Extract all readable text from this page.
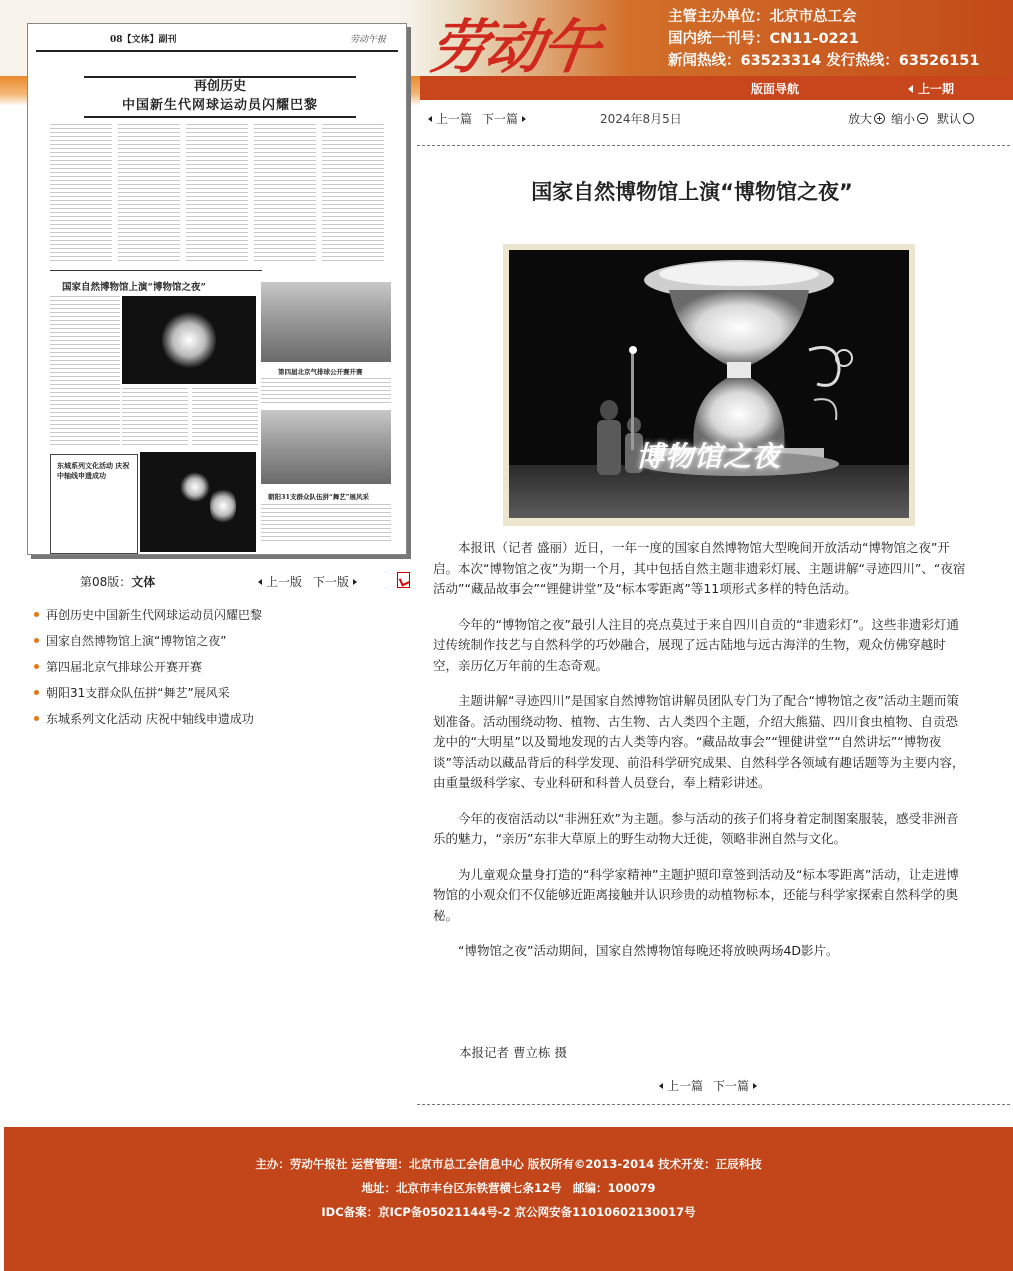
劳动午报
主管主办单位：北京市总工会
国内统一刊号：CN11-0221
新闻热线：63523314 发行热线：63526151
版面导航	上一期
08【文体】副刊	劳动午报
再创历史
中国新生代网球运动员闪耀巴黎
国家自然博物馆上演“博物馆之夜”
第四届北京气排球公开赛开赛
朝阳31支群众队伍拼“舞艺”展风采
东城系列文化活动 庆祝中轴线申遗成功
第08版：文体	上一版 下一版
再创历史中国新生代网球运动员闪耀巴黎
国家自然博物馆上演“博物馆之夜”
第四届北京气排球公开赛开赛
朝阳31支群众队伍拼“舞艺”展风采
东城系列文化活动 庆祝中轴线申遗成功
上一篇 下一篇	2024年8月5日	放大	缩小	默认
国家自然博物馆上演“博物馆之夜”
博物馆之夜

本报讯（记者 盛丽）近日，一年一度的国家自然博物馆大型晚间开放活动“博物馆之夜”开启。本次“博物馆之夜”为期一个月，其中包括自然主题非遗彩灯展、主题讲解“寻迹四川”、“夜宿活动”“藏品故事会”“锂健讲堂”及“标本零距离”等11项形式多样的特色活动。

今年的“博物馆之夜”最引人注目的亮点莫过于来自四川自贡的“非遗彩灯”。这些非遗彩灯通过传统制作技艺与自然科学的巧妙融合，展现了远古陆地与远古海洋的生物，观众仿佛穿越时空，亲历亿万年前的生态奇观。

主题讲解“寻迹四川”是国家自然博物馆讲解员团队专门为了配合“博物馆之夜”活动主题而策划准备。活动围绕动物、植物、古生物、古人类四个主题，介绍大熊猫、四川食虫植物、自贡恐龙中的“大明星”以及蜀地发现的古人类等内容。“藏品故事会”“锂健讲堂”“自然讲坛”“博物夜谈”等活动以藏品背后的科学发现、前沿科学研究成果、自然科学各领域有趣话题等为主要内容，由重量级科学家、专业科研和科普人员登台，奉上精彩讲述。

今年的夜宿活动以“非洲狂欢”为主题。参与活动的孩子们将身着定制图案服装，感受非洲音乐的魅力，“亲历”东非大草原上的野生动物大迁徙，领略非洲自然与文化。

为儿童观众量身打造的“科学家精神”主题护照印章签到活动及“标本零距离”活动，让走进博物馆的小观众们不仅能够近距离接触并认识珍贵的动植物标本，还能与科学家探索自然科学的奥秘。

“博物馆之夜”活动期间，国家自然博物馆每晚还将放映两场4D影片。

本报记者 曹立栋 摄
上一篇 下一篇
主办：劳动午报社 运营管理：北京市总工会信息中心 版权所有©2013-2014 技术开发：正辰科技
地址：北京市丰台区东铁营横七条12号　邮编：100079
IDC备案：京ICP备05021144号-2 京公网安备11010602130017号
